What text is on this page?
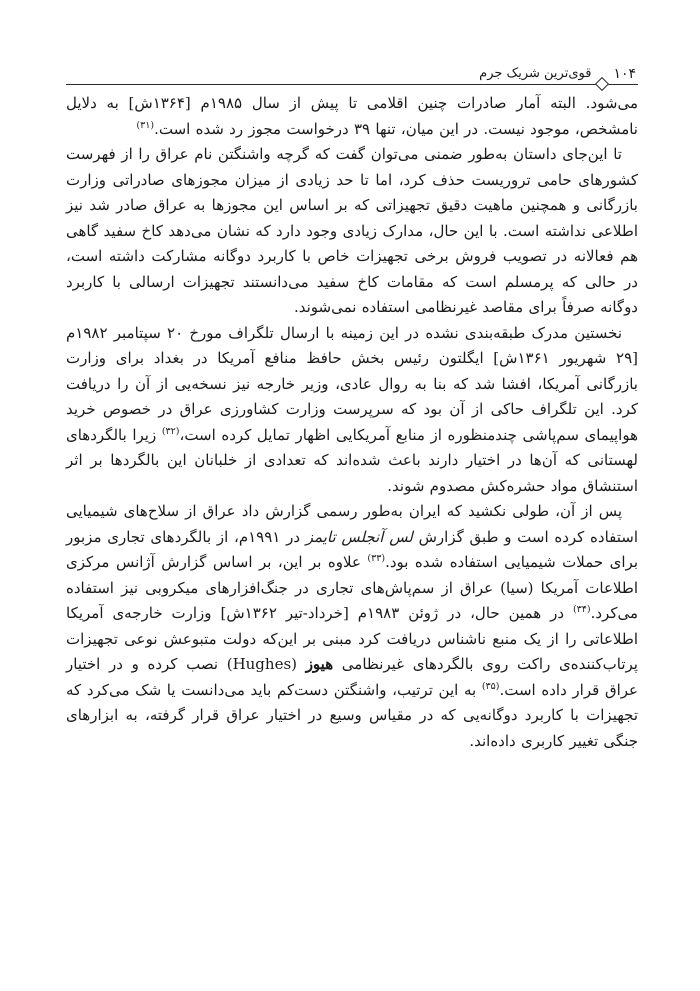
۱۰۴
قوی‌ترین شریک جرم

می‌شود. البته آمار صادرات چنین اقلامی تا پیش از سال ۱۹۸۵م [۱۳۶۴ش] به دلایل نامشخص، موجود نیست. در این میان، تنها ۳۹ درخواست مجوز رد شده است.$^{(۳۱)}$

تا این‌جای داستان به‌طور ضمنی می‌توان گفت که گرچه واشنگتن نام عراق را از فهرست کشورهای حامی تروریست حذف کرد، اما تا حد زیادی از میزان مجوزهای صادراتی وزارت بازرگانی و همچنین ماهیت دقیق تجهیزاتی که بر اساس این مجوزها به عراق صادر شد نیز اطلاعی نداشته است. با این حال، مدارک زیادی وجود دارد که نشان می‌دهد کاخ سفید گاهی هم فعالانه در تصویب فروش برخی تجهیزات خاص با کاربرد دوگانه مشارکت داشته است، در حالی که پرمسلم است که مقامات کاخ سفید می‌دانستند تجهیزات ارسالی با کاربرد دوگانه صرفاً برای مقاصد غیرنظامی استفاده نمی‌شوند.

نخستین مدرک طبقه‌بندی نشده در این زمینه با ارسال تلگراف مورخ ۲۰ سپتامبر ۱۹۸۲م [۲۹ شهریور ۱۳۶۱ش] ایگلتون رئیس بخش حافظ منافع آمریکا در بغداد برای وزارت بازرگانی آمریکا، افشا شد که بنا به روال عادی، وزیر خارجه نیز نسخه‌یی از آن را دریافت کرد. این تلگراف حاکی از آن بود که سرپرست وزارت کشاورزی عراق در خصوص خرید هواپیمای سم‌پاشی چندمنظوره از منابع آمریکایی اظهار تمایل کرده است،$^{(۳۲)}$ زیرا بالگردهای لهستانی که آن‌ها در اختیار دارند باعث شده‌اند که تعدادی از خلبانان این بالگردها بر اثر استنشاق مواد حشره‌کش مصدوم شوند.

پس از آن، طولی نکشید که ایران به‌طور رسمی گزارش داد عراق از سلاح‌های شیمیایی استفاده کرده است و طبق گزارش لس آنجلس تایمز در ۱۹۹۱م، از بالگردهای تجاری مزبور برای حملات شیمیایی استفاده شده بود.$^{(۳۳)}$ علاوه بر این، بر اساس گزارش آژانس مرکزی اطلاعات آمریکا (سیا) عراق از سم‌پاش‌های تجاری در جنگ‌افزارهای میکروبی نیز استفاده می‌کرد.$^{(۳۴)}$ در همین حال، در ژوئن ۱۹۸۳م [خرداد-تیر ۱۳۶۲ش] وزارت خارجه‌ی آمریکا اطلاعاتی را از یک منبع ناشناس دریافت کرد مبنی بر این‌که دولت متبوعش نوعی تجهیزات پرتاب‌کننده‌ی راکت روی بالگردهای غیرنظامی هیوز (Hughes) نصب کرده و در اختیار عراق قرار داده است.$^{(۳۵)}$ به این ترتیب، واشنگتن دست‌کم باید می‌دانست یا شک می‌کرد که تجهیزات با کاربرد دوگانه‌یی که در مقیاس وسیع در اختیار عراق قرار گرفته، به ابزارهای جنگی تغییر کاربری داده‌اند.
